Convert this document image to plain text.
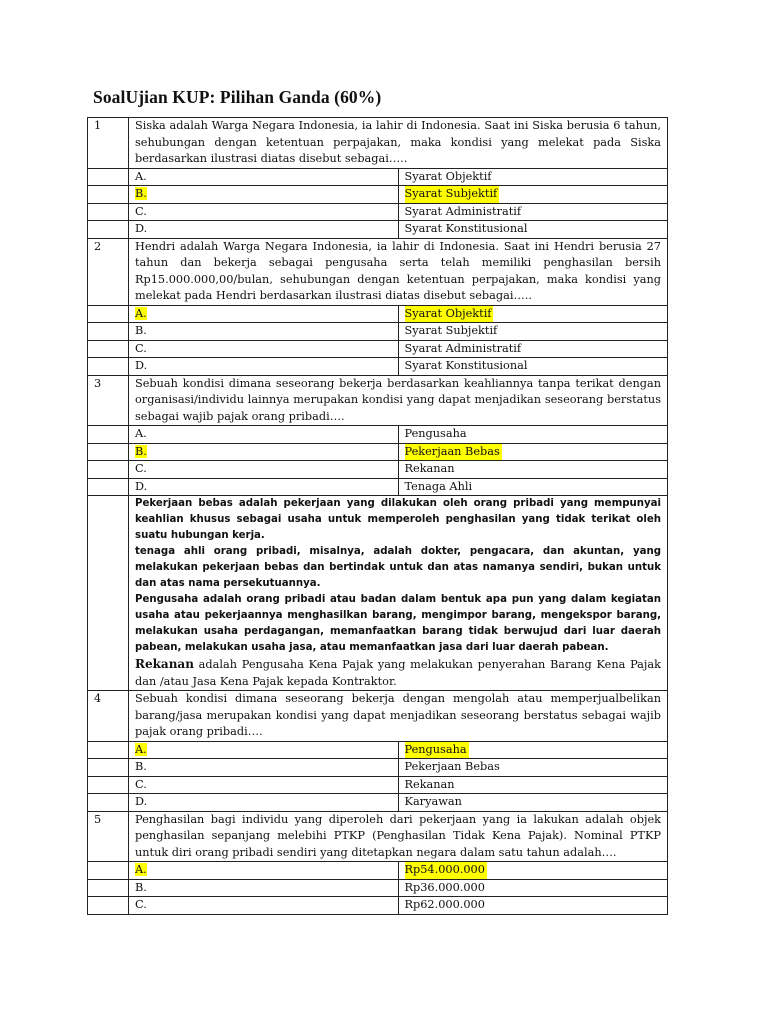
SoalUjian KUP: Pilihan Ganda (60%)
1	Siska adalah Warga Negara Indonesia, ia lahir di Indonesia. Saat ini Siska berusia 6 tahun, sehubungan dengan ketentuan perpajakan, maka kondisi yang melekat pada Siska berdasarkan ilustrasi diatas disebut sebagai…..	
	A.	Syarat Objektif
	B.	Syarat Subjektif
	C.	Syarat Administratif
	D.	Syarat Konstitusional
2	Hendri adalah Warga Negara Indonesia, ia lahir di Indonesia. Saat ini Hendri berusia 27 tahun dan bekerja sebagai pengusaha serta telah memiliki penghasilan bersih Rp15.000.000,00/bulan, sehubungan dengan ketentuan perpajakan, maka kondisi yang melekat pada Hendri berdasarkan ilustrasi diatas disebut sebagai…..	
	A.	Syarat Objektif
	B.	Syarat Subjektif
	C.	Syarat Administratif
	D.	Syarat Konstitusional
3	Sebuah kondisi dimana seseorang bekerja berdasarkan keahliannya tanpa terikat dengan organisasi/individu lainnya merupakan kondisi yang dapat menjadikan seseorang berstatus sebagai wajib pajak orang pribadi….	
	A.	Pengusaha
	B.	Pekerjaan Bebas
	C.	Rekanan
	D.	Tenaga Ahli

	Pekerjaan bebas adalah pekerjaan yang dilakukan oleh orang pribadi yang mempunyai keahlian khusus sebagai usaha untuk memperoleh penghasilan yang tidak terikat oleh suatu hubungan kerja.

tenaga ahli orang pribadi, misalnya, adalah dokter, pengacara, dan akuntan, yang melakukan pekerjaan bebas dan bertindak untuk dan atas namanya sendiri, bukan untuk dan atas nama persekutuannya.

Pengusaha adalah orang pribadi atau badan dalam bentuk apa pun yang dalam kegiatan usaha atau pekerjaannya menghasilkan barang, mengimpor barang, mengekspor barang, melakukan usaha perdagangan, memanfaatkan barang tidak berwujud dari luar daerah pabean, melakukan usaha jasa, atau memanfaatkan jasa dari luar daerah pabean.

Rekanan adalah Pengusaha Kena Pajak yang melakukan penyerahan Barang Kena Pajak dan /atau Jasa Kena Pajak kepada Kontraktor.	

4	Sebuah kondisi dimana seseorang bekerja dengan mengolah atau memperjualbelikan barang/jasa merupakan kondisi yang dapat menjadikan seseorang berstatus sebagai wajib pajak orang pribadi….	
	A.	Pengusaha
	B.	Pekerjaan Bebas
	C.	Rekanan
	D.	Karyawan
5	Penghasilan bagi individu yang diperoleh dari pekerjaan yang ia lakukan adalah objek penghasilan sepanjang melebihi PTKP (Penghasilan Tidak Kena Pajak). Nominal PTKP untuk diri orang pribadi sendiri yang ditetapkan negara dalam satu tahun adalah….	
	A.	Rp54.000.000
	B.	Rp36.000.000
	C.	Rp62.000.000
